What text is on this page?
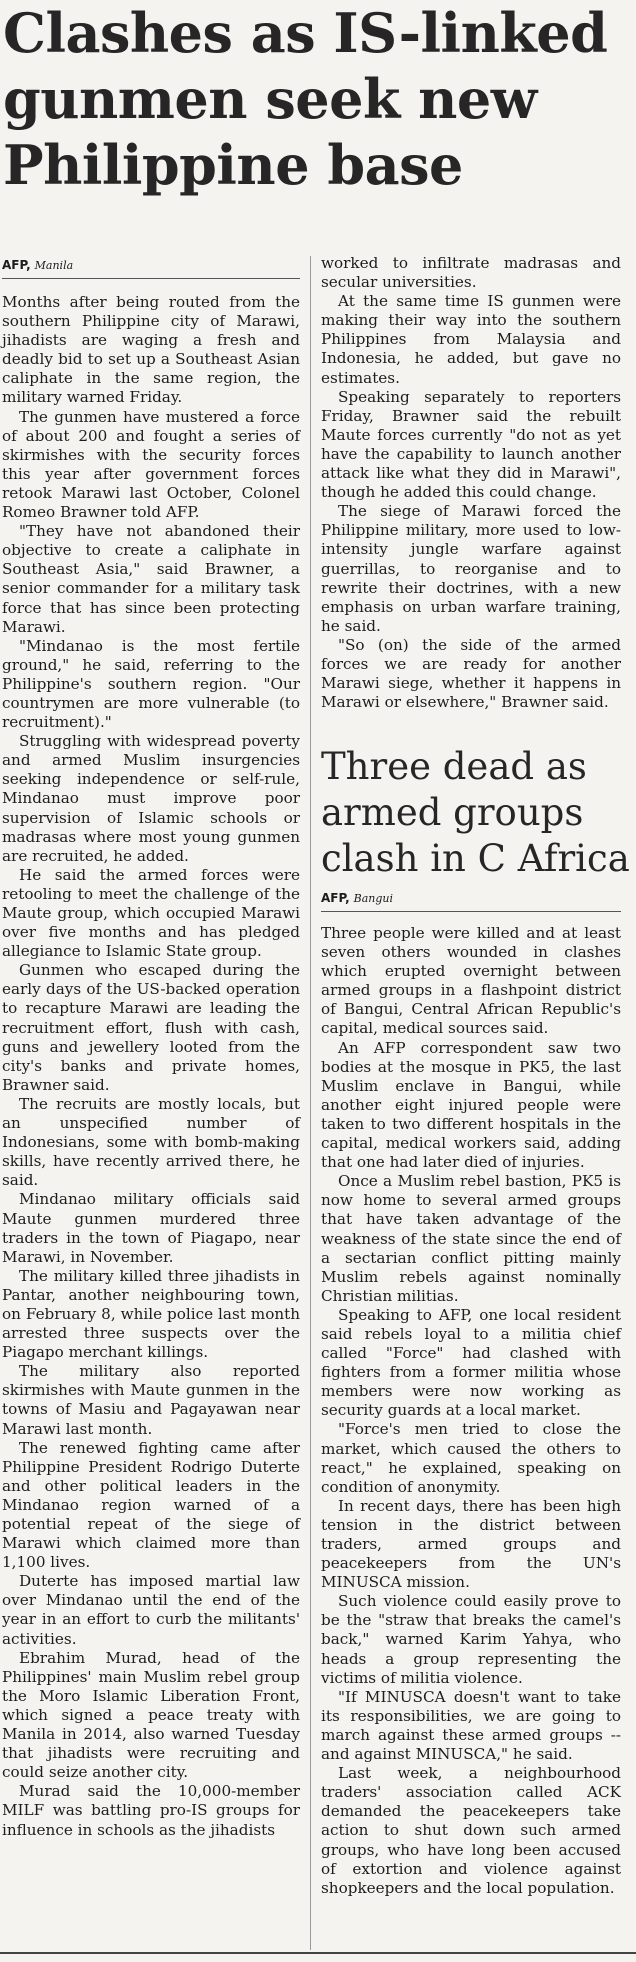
Clashes as IS-linked gunmen seek new Philippine base
AFP, Manila

Months after being routed from the southern Philippine city of Marawi, jihadists are waging a fresh and deadly bid to set up a Southeast Asian caliphate in the same region, the military warned Friday.

The gunmen have mustered a force of about 200 and fought a series of skirmishes with the security forces this year after government forces retook Marawi last October, Colonel Romeo Brawner told AFP.

"They have not abandoned their objective to create a caliphate in Southeast Asia," said Brawner, a senior commander for a military task force that has since been protecting Marawi.

"Mindanao is the most fertile ground," he said, referring to the Philippine's southern region. "Our countrymen are more vulnerable (to recruitment)."

Struggling with widespread poverty and armed Muslim insurgencies seeking independence or self-rule, Mindanao must improve poor supervision of Islamic schools or madrasas where most young gunmen are recruited, he added.

He said the armed forces were retooling to meet the challenge of the Maute group, which occupied Marawi over five months and has pledged allegiance to Islamic State group.

Gunmen who escaped during the early days of the US-backed operation to recapture Marawi are leading the recruitment effort, flush with cash, guns and jewellery looted from the city's banks and private homes, Brawner said.

The recruits are mostly locals, but an unspecified number of Indonesians, some with bomb-making skills, have recently arrived there, he said.

Mindanao military officials said Maute gunmen murdered three traders in the town of Piagapo, near Marawi, in November.

The military killed three jihadists in Pantar, another neighbouring town, on February 8, while police last month arrested three suspects over the Piagapo merchant killings.

The military also reported skirmishes with Maute gunmen in the towns of Masiu and Pagayawan near Marawi last month.

The renewed fighting came after Philippine President Rodrigo Duterte and other political leaders in the Mindanao region warned of a potential repeat of the siege of Marawi which claimed more than 1,100 lives.

Duterte has imposed martial law over Mindanao until the end of the year in an effort to curb the militants' activities.

Ebrahim Murad, head of the Philippines' main Muslim rebel group the Moro Islamic Liberation Front, which signed a peace treaty with Manila in 2014, also warned Tuesday that jihadists were recruiting and could seize another city.

Murad said the 10,000-member MILF was battling pro-IS groups for influence in schools as the jihadists

worked to infiltrate madrasas and secular universities.

At the same time IS gunmen were making their way into the southern Philippines from Malaysia and Indonesia, he added, but gave no estimates.

Speaking separately to reporters Friday, Brawner said the rebuilt Maute forces currently "do not as yet have the capability to launch another attack like what they did in Marawi", though he added this could change.

The siege of Marawi forced the Philippine military, more used to low-intensity jungle warfare against guerrillas, to reorganise and to rewrite their doctrines, with a new emphasis on urban warfare training, he said.

"So (on) the side of the armed forces we are ready for another Marawi siege, whether it happens in Marawi or elsewhere," Brawner said.

Three dead as armed groups clash in C Africa
AFP, Bangui

Three people were killed and at least seven others wounded in clashes which erupted overnight between armed groups in a flashpoint district of Bangui, Central African Republic's capital, medical sources said.

An AFP correspondent saw two bodies at the mosque in PK5, the last Muslim enclave in Bangui, while another eight injured people were taken to two different hospitals in the capital, medical workers said, adding that one had later died of injuries.

Once a Muslim rebel bastion, PK5 is now home to several armed groups that have taken advantage of the weakness of the state since the end of a sectarian conflict pitting mainly Muslim rebels against nominally Christian militias.

Speaking to AFP, one local resident said rebels loyal to a militia chief called "Force" had clashed with fighters from a former militia whose members were now working as security guards at a local market.

"Force's men tried to close the market, which caused the others to react," he explained, speaking on condition of anonymity.

In recent days, there has been high tension in the district between traders, armed groups and peacekeepers from the UN's MINUSCA mission.

Such violence could easily prove to be the "straw that breaks the camel's back," warned Karim Yahya, who heads a group representing the victims of militia violence.

"If MINUSCA doesn't want to take its responsibilities, we are going to march against these armed groups -- and against MINUSCA," he said.

Last week, a neighbourhood traders' association called ACK demanded the peacekeepers take action to shut down such armed groups, who have long been accused of extortion and violence against shopkeepers and the local population.
